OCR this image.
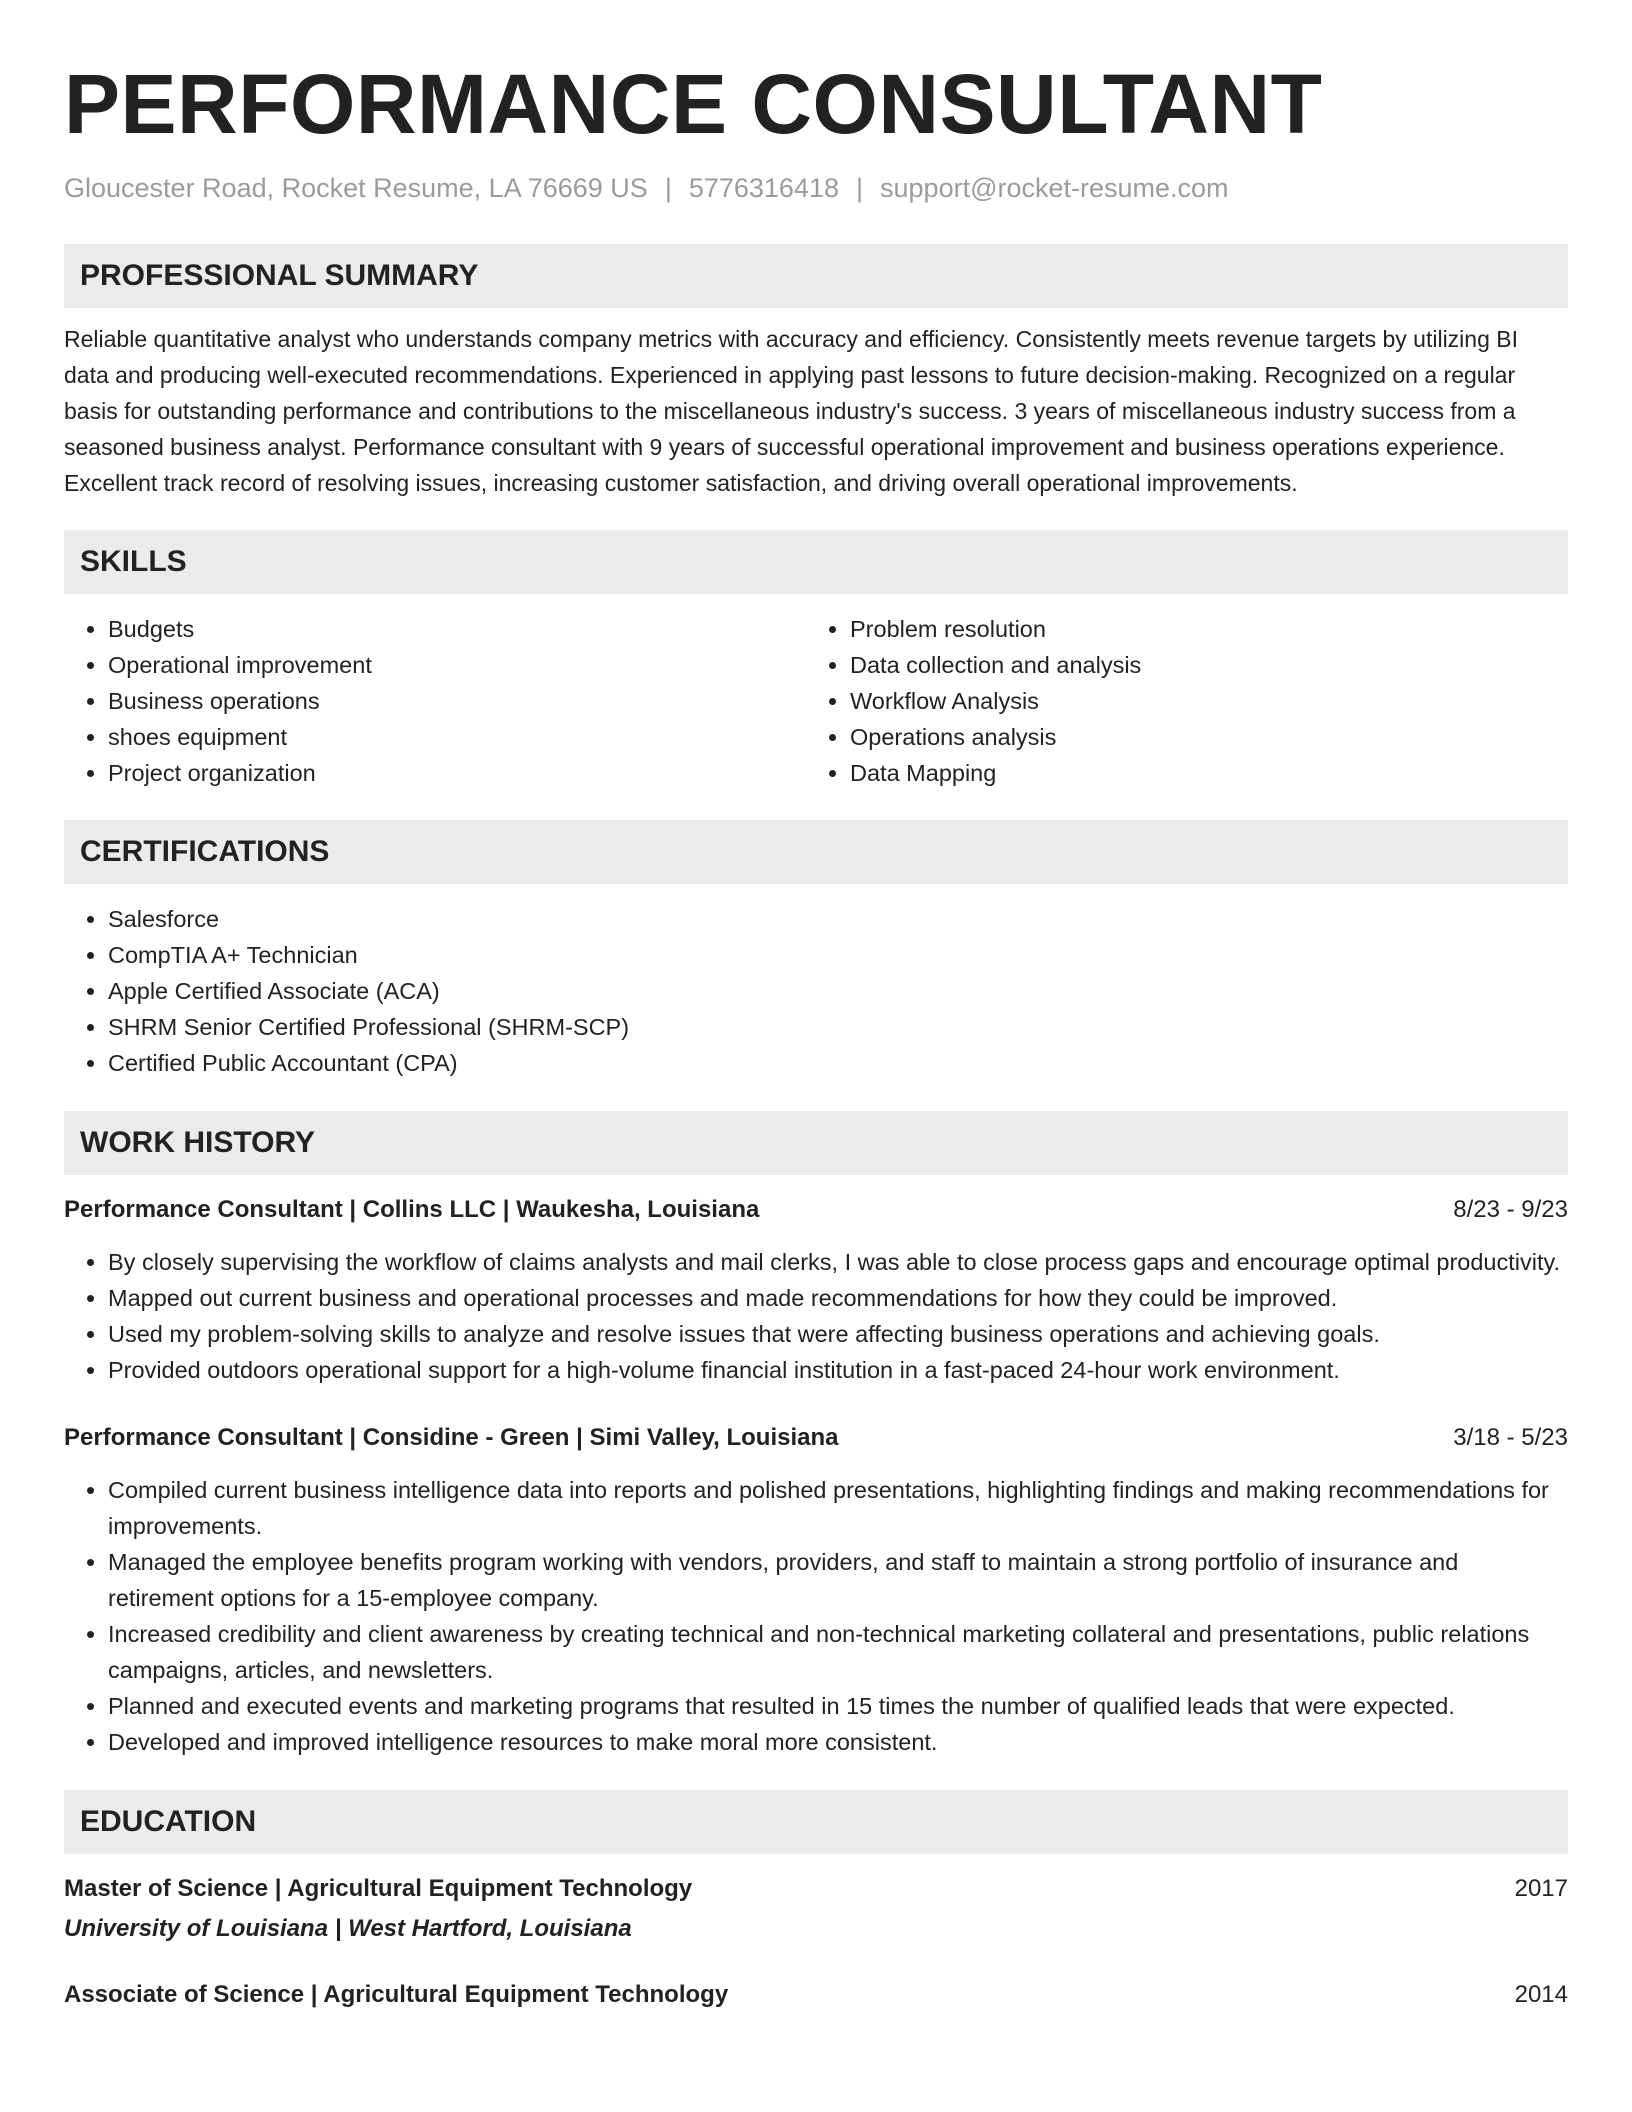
PERFORMANCE CONSULTANT
Gloucester Road, Rocket Resume, LA 76669 US | 5776316418 | support@rocket-resume.com
PROFESSIONAL SUMMARY

Reliable quantitative analyst who understands company metrics with accuracy and efficiency. Consistently meets revenue targets by utilizing BI data and producing well-executed recommendations. Experienced in applying past lessons to future decision-making. Recognized on a regular basis for outstanding performance and contributions to the miscellaneous industry's success. 3 years of miscellaneous industry success from a seasoned business analyst. Performance consultant with 9 years of successful operational improvement and business operations experience. Excellent track record of resolving issues, increasing customer satisfaction, and driving overall operational improvements.

SKILLS
• Budgets
• Operational improvement
• Business operations
• shoes equipment
• Project organization
• Problem resolution
• Data collection and analysis
• Workflow Analysis
• Operations analysis
• Data Mapping
CERTIFICATIONS
• Salesforce
• CompTIA A+ Technician
• Apple Certified Associate (ACA)
• SHRM Senior Certified Professional (SHRM-SCP)
• Certified Public Accountant (CPA)
WORK HISTORY
Performance Consultant | Collins LLC | Waukesha, Louisiana	8/23 - 9/23
• By closely supervising the workflow of claims analysts and mail clerks, I was able to close process gaps and encourage optimal productivity.
• Mapped out current business and operational processes and made recommendations for how they could be improved.
• Used my problem-solving skills to analyze and resolve issues that were affecting business operations and achieving goals.
• Provided outdoors operational support for a high-volume financial institution in a fast-paced 24-hour work environment.
Performance Consultant | Considine - Green | Simi Valley, Louisiana	3/18 - 5/23
• Compiled current business intelligence data into reports and polished presentations, highlighting findings and making recommendations for improvements.
• Managed the employee benefits program working with vendors, providers, and staff to maintain a strong portfolio of insurance and retirement options for a 15-employee company.
• Increased credibility and client awareness by creating technical and non-technical marketing collateral and presentations, public relations campaigns, articles, and newsletters.
• Planned and executed events and marketing programs that resulted in 15 times the number of qualified leads that were expected.
• Developed and improved intelligence resources to make moral more consistent.
EDUCATION
Master of Science | Agricultural Equipment Technology	2017
University of Louisiana | West Hartford, Louisiana
Associate of Science | Agricultural Equipment Technology	2014
